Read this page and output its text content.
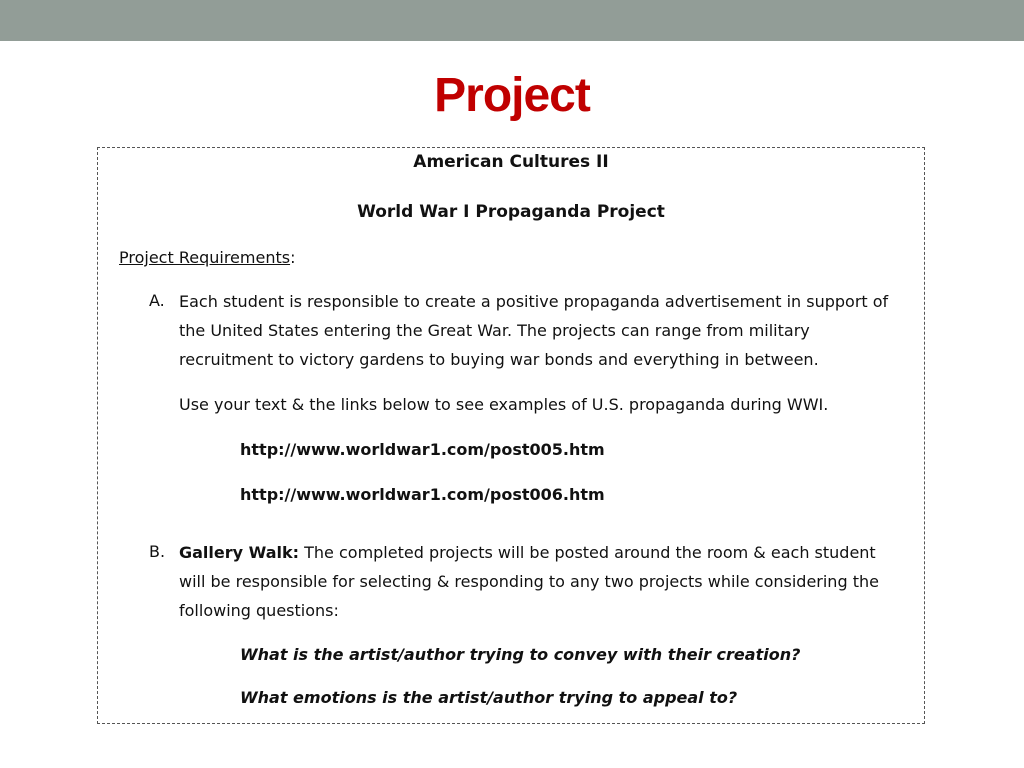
Project
American Cultures II
World War I Propaganda Project
Project Requirements:
A. Each student is responsible to create a positive propaganda advertisement in support of
the United States entering the Great War. The projects can range from military
recruitment to victory gardens to buying war bonds and everything in between.
Use your text & the links below to see examples of U.S. propaganda during WWI.
http://www.worldwar1.com/post005.htm
http://www.worldwar1.com/post006.htm
B. Gallery Walk: The completed projects will be posted around the room & each student
will be responsible for selecting & responding to any two projects while considering the
following questions:
What is the artist/author trying to convey with their creation?
What emotions is the artist/author trying to appeal to?
